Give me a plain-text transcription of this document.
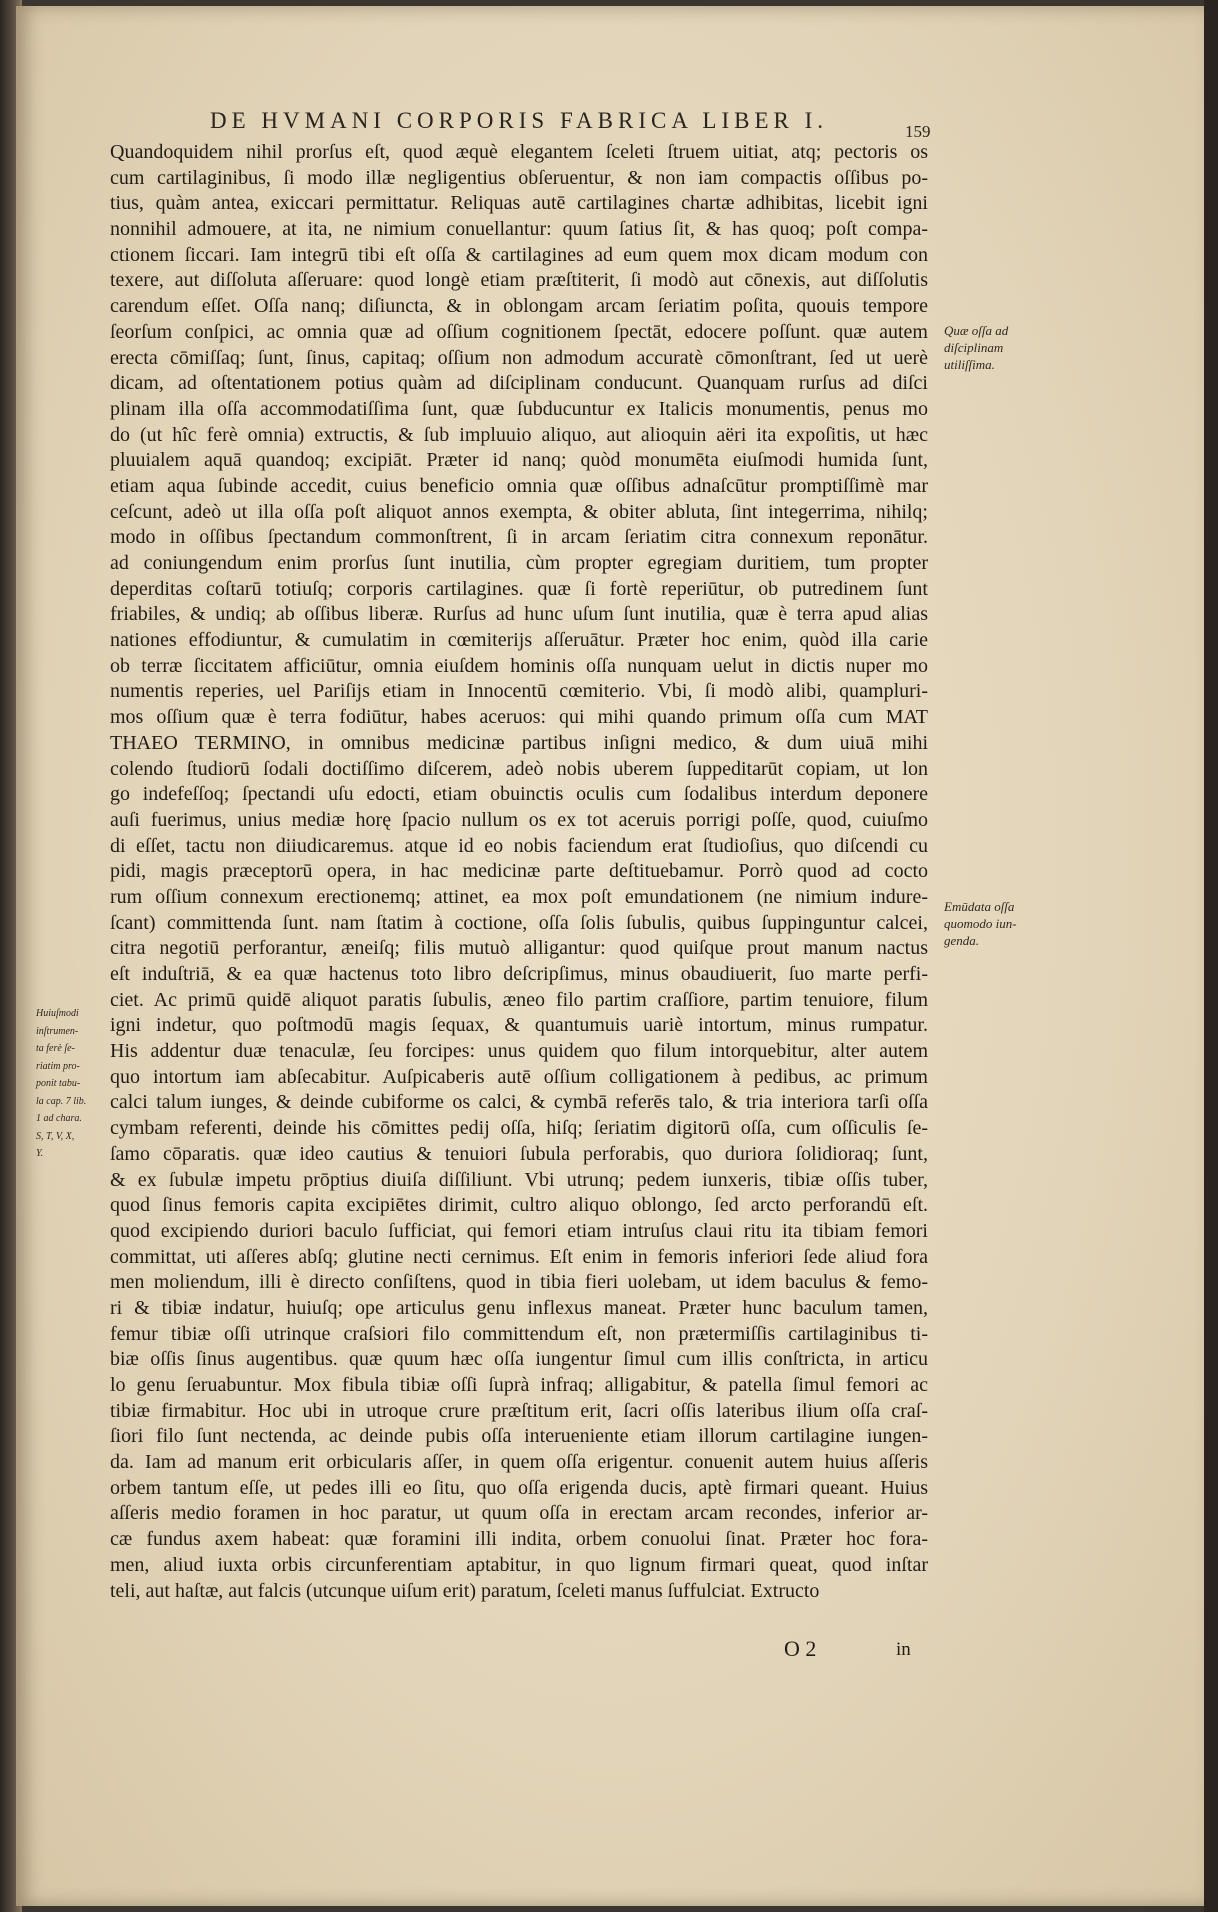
DE HVMANI CORPORIS FABRICA LIBER I.	159
Quandoquidem nihil prorſus eſt, quod æquè elegantem ſceleti ſtruem uitiat, atq; pectoris os
cum cartilaginibus, ſi modo illæ negligentius obſeruentur, & non iam compactis oſſibus po-
tius, quàm antea, exiccari permittatur. Reliquas autē cartilagines chartæ adhibitas, licebit igni
nonnihil admouere, at ita, ne nimium conuellantur: quum ſatius ſit, & has quoq; poſt compa-
ctionem ſiccari. Iam integrū tibi eſt oſſa & cartilagines ad eum quem mox dicam modum con
texere, aut diſſoluta aſſeruare: quod longè etiam præſtiterit, ſi modò aut cōnexis, aut diſſolutis
carendum eſſet. Oſſa nanq; diſiuncta, & in oblongam arcam ſeriatim poſita, quouis tempore
ſeorſum conſpici, ac omnia quæ ad oſſium cognitionem ſpectāt, edocere poſſunt. quæ autem
erecta cōmiſſaq; ſunt, ſinus, capitaq; oſſium non admodum accuratè cōmonſtrant, ſed ut uerè
dicam, ad oſtentationem potius quàm ad diſciplinam conducunt. Quanquam rurſus ad diſci
plinam illa oſſa accommodatiſſima ſunt, quæ ſubducuntur ex Italicis monumentis, penus mo
do (ut hîc ferè omnia) extructis, & ſub impluuio aliquo, aut alioquin aëri ita expoſitis, ut hæc
pluuialem aquā quandoq; excipiāt. Præter id nanq; quòd monumēta eiuſmodi humida ſunt,
etiam aqua ſubinde accedit, cuius beneficio omnia quæ oſſibus adnaſcūtur promptiſſimè mar
ceſcunt, adeò ut illa oſſa poſt aliquot annos exempta, & obiter abluta, ſint integerrima, nihilq;
modo in oſſibus ſpectandum commonſtrent, ſi in arcam ſeriatim citra connexum reponātur.
ad coniungendum enim prorſus ſunt inutilia, cùm propter egregiam duritiem, tum propter
deperditas coſtarū totiuſq; corporis cartilagines. quæ ſi fortè reperiūtur, ob putredinem ſunt
friabiles, & undiq; ab oſſibus liberæ. Rurſus ad hunc uſum ſunt inutilia, quæ è terra apud alias
nationes effodiuntur, & cumulatim in cœmiterijs aſſeruātur. Præter hoc enim, quòd illa carie
ob terræ ſiccitatem afficiūtur, omnia eiuſdem hominis oſſa nunquam uelut in dictis nuper mo
numentis reperies, uel Pariſijs etiam in Innocentū cœmiterio. Vbi, ſi modò alibi, quampluri-
mos oſſium quæ è terra fodiūtur, habes aceruos: qui mihi quando primum oſſa cum MAT
THAEO TERMINO, in omnibus medicinæ partibus inſigni medico, & dum uiuā mihi
colendo ſtudiorū ſodali doctiſſimo diſcerem, adeò nobis uberem ſuppeditarūt copiam, ut lon
go indefeſſoq; ſpectandi uſu edocti, etiam obuinctis oculis cum ſodalibus interdum deponere
auſi fuerimus, unius mediæ horę ſpacio nullum os ex tot aceruis porrigi poſſe, quod, cuiuſmo
di eſſet, tactu non diiudicaremus. atque id eo nobis faciendum erat ſtudioſius, quo diſcendi cu
pidi, magis præceptorū opera, in hac medicinæ parte deſtituebamur. Porrò quod ad cocto
rum oſſium connexum erectionemq; attinet, ea mox poſt emundationem (ne nimium indure-
ſcant) committenda ſunt. nam ſtatim à coctione, oſſa ſolis ſubulis, quibus ſuppinguntur calcei,
citra negotiū perforantur, æneiſq; filis mutuò alligantur: quod quiſque prout manum nactus
eſt induſtriā, & ea quæ hactenus toto libro deſcripſimus, minus obaudiuerit, ſuo marte perfi-
ciet. Ac primū quidē aliquot paratis ſubulis, æneo filo partim craſſiore, partim tenuiore, filum
igni indetur, quo poſtmodū magis ſequax, & quantumuis uariè intortum, minus rumpatur.
His addentur duæ tenaculæ, ſeu forcipes: unus quidem quo filum intorquebitur, alter autem
quo intortum iam abſecabitur. Auſpicaberis autē oſſium colligationem à pedibus, ac primum
calci talum iunges, & deinde cubiforme os calci, & cymbā referēs talo, & tria interiora tarſi oſſa
cymbam referenti, deinde his cōmittes pedij oſſa, hiſq; ſeriatim digitorū oſſa, cum oſſiculis ſe-
ſamo cōparatis. quæ ideo cautius & tenuiori ſubula perforabis, quo duriora ſolidioraq; ſunt,
& ex ſubulæ impetu prōptius diuiſa diſſiliunt. Vbi utrunq; pedem iunxeris, tibiæ oſſis tuber,
quod ſinus femoris capita excipiētes dirimit, cultro aliquo oblongo, ſed arcto perforandū eſt.
quod excipiendo duriori baculo ſufficiat, qui femori etiam intruſus claui ritu ita tibiam femori
committat, uti aſſeres abſq; glutine necti cernimus. Eſt enim in femoris inferiori ſede aliud fora
men moliendum, illi è directo conſiſtens, quod in tibia fieri uolebam, ut idem baculus & femo-
ri & tibiæ indatur, huiuſq; ope articulus genu inflexus maneat. Præter hunc baculum tamen,
femur tibiæ oſſi utrinque craſsiori filo committendum eſt, non prætermiſſis cartilaginibus ti-
biæ oſſis ſinus augentibus. quæ quum hæc oſſa iungentur ſimul cum illis conſtricta, in articu
lo genu ſeruabuntur. Mox fibula tibiæ oſſi ſuprà infraq; alligabitur, & patella ſimul femori ac
tibiæ firmabitur. Hoc ubi in utroque crure præſtitum erit, ſacri oſſis lateribus ilium oſſa craſ-
ſiori filo ſunt nectenda, ac deinde pubis oſſa interueniente etiam illorum cartilagine iungen-
da. Iam ad manum erit orbicularis aſſer, in quem oſſa erigentur. conuenit autem huius aſſeris
orbem tantum eſſe, ut pedes illi eo ſitu, quo oſſa erigenda ducis, aptè firmari queant. Huius
aſſeris medio foramen in hoc paratur, ut quum oſſa in erectam arcam recondes, inferior ar-
cæ fundus axem habeat: quæ foramini illi indita, orbem conuolui ſinat. Præter hoc fora-
men, aliud iuxta orbis circunferentiam aptabitur, in quo lignum firmari queat, quod inſtar
teli, aut haſtæ, aut falcis (utcunque uiſum erit) paratum, ſceleti manus ſuffulciat. Extructo
Quæ oſſa ad
diſciplinam
utiliſſima.
Emūdata oſſa
quomodo iun-
genda.
Huiuſmodi
inſtrumen-
ta ferè ſe-
riatim pro-
ponit tabu-
la cap. 7 lib.
1 ad chara.
S, T, V, X,
Y.
O 2	in
